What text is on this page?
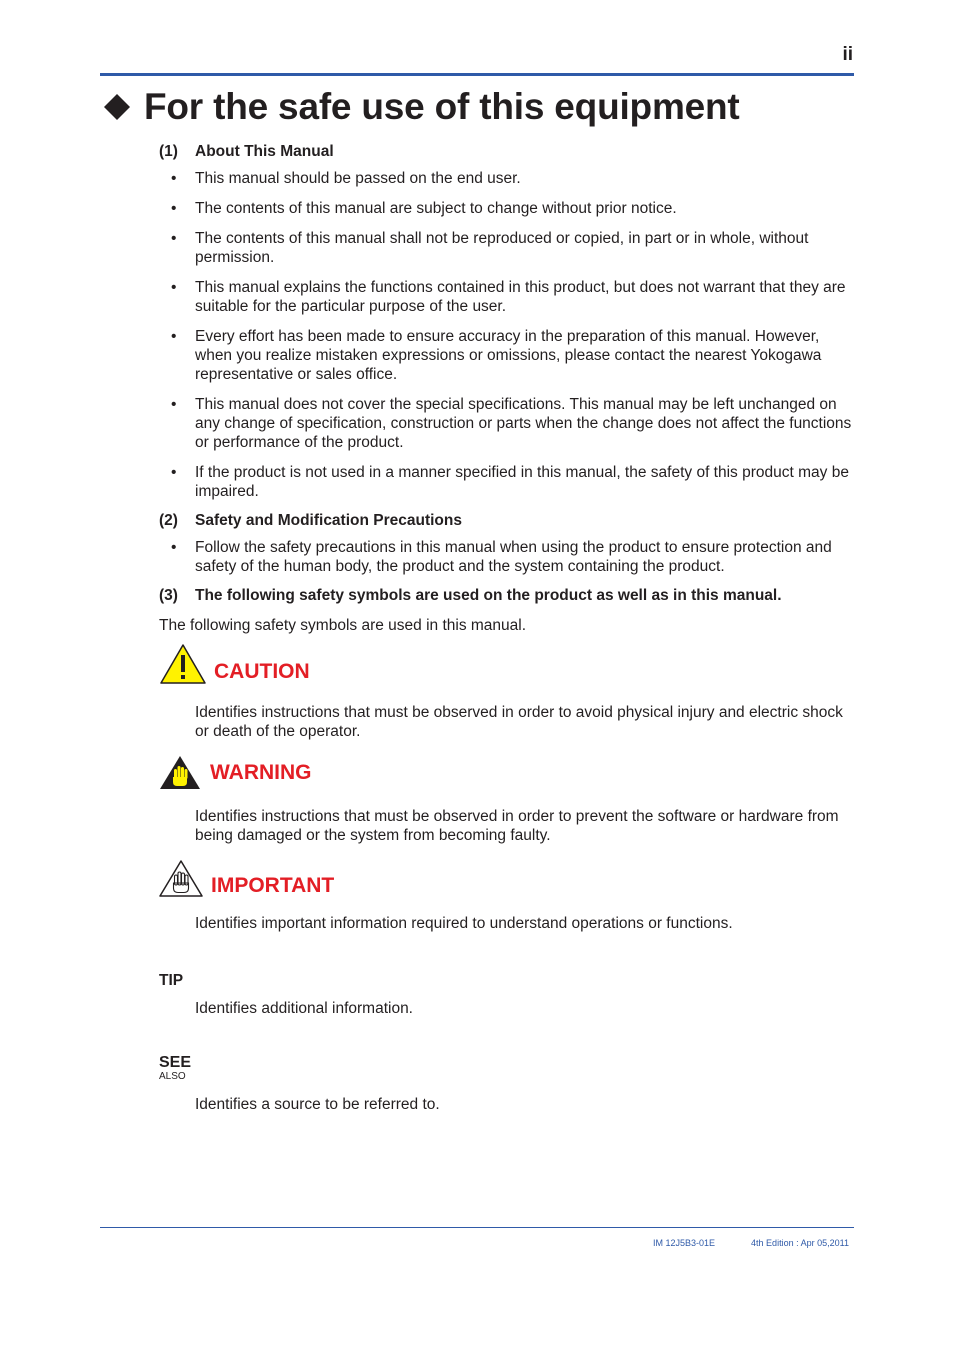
ii
For the safe use of this equipment
(1)	About This Manual
• This manual should be passed on the end user.
• The contents of this manual are subject to change without prior notice.
• The contents of this manual shall not be reproduced or copied, in part or in whole, without permission.
• This manual explains the functions contained in this product, but does not warrant that they are suitable for the particular purpose of the user.
• Every effort has been made to ensure accuracy in the preparation of this manual. However, when you realize mistaken expressions or omissions, please contact the nearest Yokogawa representative or sales office.
• This manual does not cover the special specifications. This manual may be left unchanged on any change of specification, construction or parts when the change does not affect the functions or performance of the product.
• If the product is not used in a manner specified in this manual, the safety of this product may be impaired.
(2)	Safety and Modification Precautions
• Follow the safety precautions in this manual when using the product to ensure protection and safety of the human body, the product and the system containing the product.
(3)	The following safety symbols are used on the product as well as in this manual.

The following safety symbols are used in this manual.

CAUTION

Identifies instructions that must be observed in order to avoid physical injury and electric shock or death of the operator.

WARNING

Identifies instructions that must be observed in order to prevent the software or hardware from being damaged or the system from becoming faulty.

IMPORTANT

Identifies important information required to understand operations or functions.

TIP

Identifies additional information.

SEE
ALSO

Identifies a source to be referred to.

IM 12J5B3-01E	4th Edition : Apr 05,2011
